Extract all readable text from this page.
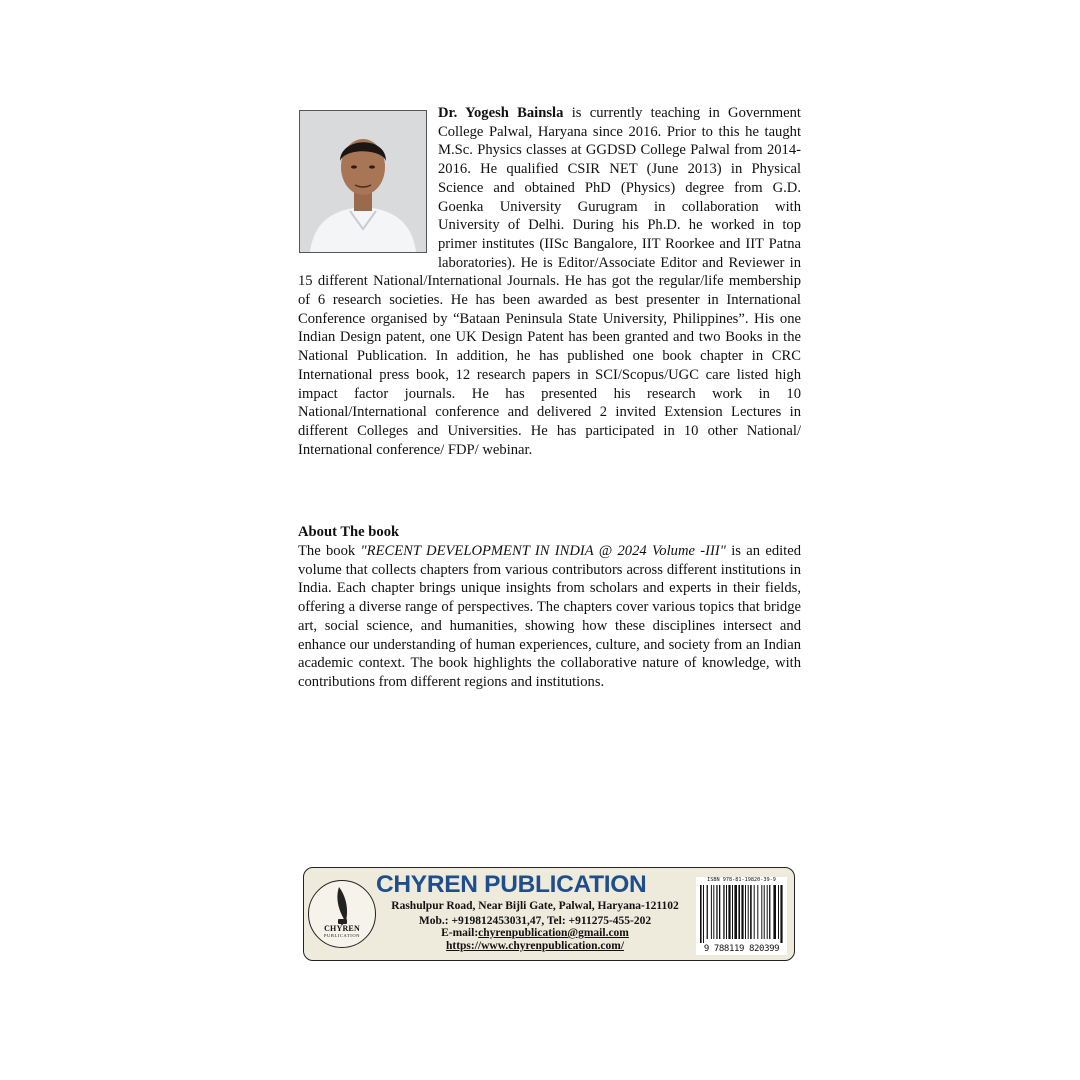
Dr. Yogesh Bainsla is currently teaching in Government College Palwal, Haryana since 2016. Prior to this he taught M.Sc. Physics classes at GGDSD College Palwal from 2014-2016. He qualified CSIR NET (June 2013) in Physical Science and obtained PhD (Physics) degree from G.D. Goenka University Gurugram in collaboration with University of Delhi. During his Ph.D. he worked in top primer institutes (IISc Bangalore, IIT Roorkee and IIT Patna laboratories). He is Editor/Associate Editor and Reviewer in 15 different National/International Journals. He has got the regular/life membership of 6 research societies. He has been awarded as best presenter in International Conference organised by “Bataan Peninsula State University, Philippines”. His one Indian Design patent, one UK Design Patent has been granted and two Books in the National Publication. In addition, he has published one book chapter in CRC International press book, 12 research papers in SCI/Scopus/UGC care listed high impact factor journals. He has presented his research work in 10 National/International conference and delivered 2 invited Extension Lectures in different Colleges and Universities. He has participated in 10 other National/ International conference/ FDP/ webinar.

About The book

The book "RECENT DEVELOPMENT IN INDIA @ 2024 Volume -III" is an edited volume that collects chapters from various contributors across different institutions in India. Each chapter brings unique insights from scholars and experts in their fields, offering a diverse range of perspectives. The chapters cover various topics that bridge art, social science, and humanities, showing how these disciplines intersect and enhance our understanding of human experiences, culture, and society from an Indian academic context. The book highlights the collaborative nature of knowledge, with contributions from different regions and institutions.

CHYREN
PUBLICATION
CHYREN PUBLICATION
Rashulpur Road, Near Bijli Gate, Palwal, Haryana-121102
Mob.: +919812453031,47, Tel: +911275-455-202
E-mail:chyrenpublication@gmail.com
https://www.chyrenpublication.com/
ISBN 978-81-19820-39-9
9 788119 820399
